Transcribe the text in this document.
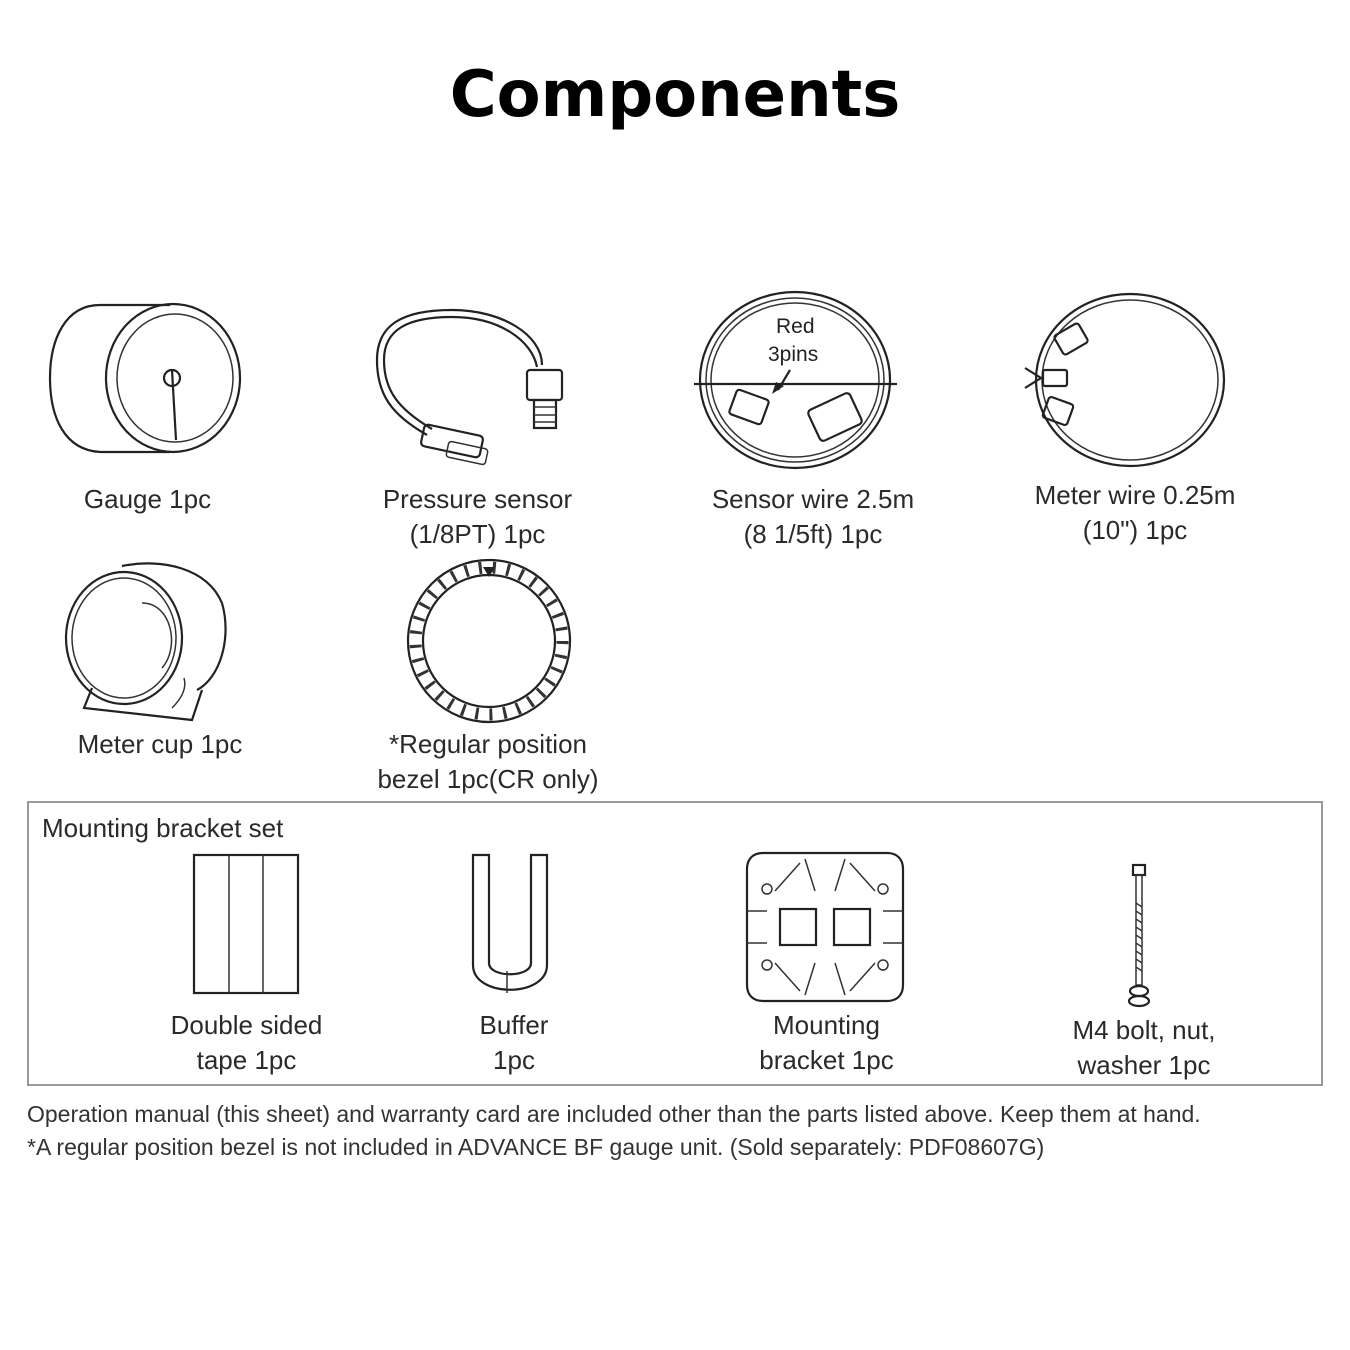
Components
Gauge 1pc	Pressure sensor
(1/8PT) 1pc
Red
3pins
Sensor wire 2.5m
(8 1/5ft) 1pc
Meter wire 0.25m
(10") 1pc
Meter cup 1pc	*Regular position
bezel 1pc(CR only)
Mounting bracket set
Double sided
tape 1pc
Buffer
1pc
Mounting
bracket 1pc
M4 bolt, nut,
washer 1pc
Operation manual (this sheet) and warranty card are included other than the parts listed above. Keep them at hand.
*A regular position bezel is not included in ADVANCE BF gauge unit. (Sold separately: PDF08607G)
